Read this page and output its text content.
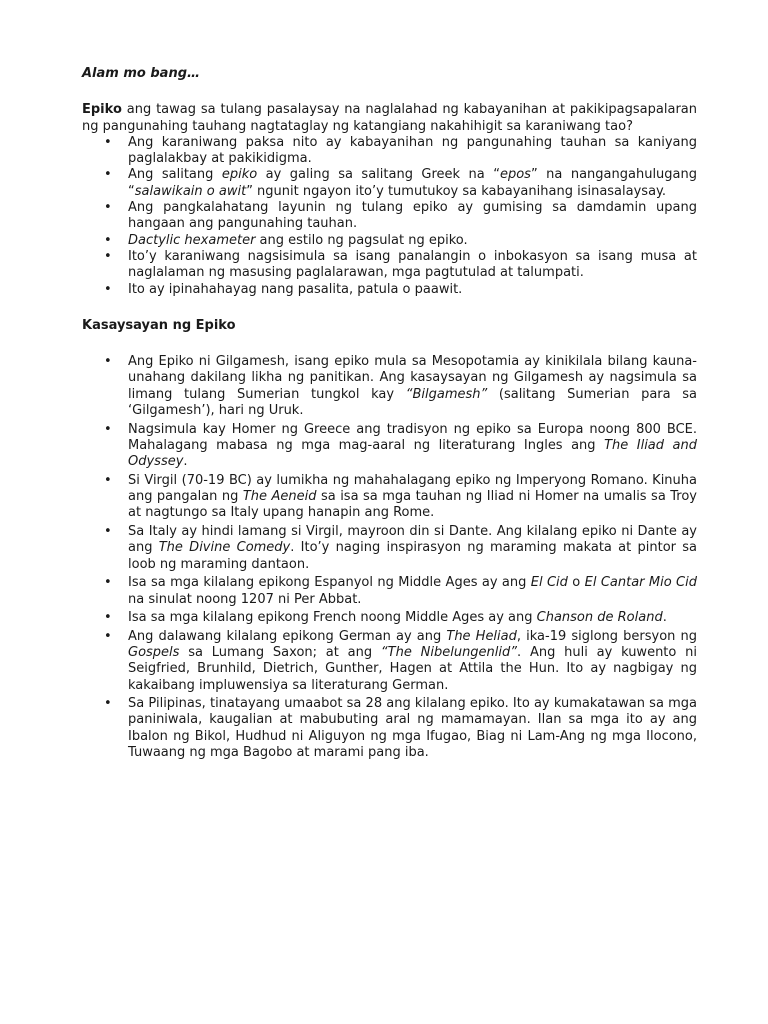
Alam mo bang…

Epiko ang tawag sa tulang pasalaysay na naglalahad ng kabayanihan at pakikipagsapalaran ng pangunahing tauhang nagtataglay ng katangiang nakahihigit sa karaniwang tao?

• Ang karaniwang paksa nito ay kabayanihan ng pangunahing tauhan sa kaniyang paglalakbay at pakikidigma.
• Ang salitang epiko ay galing sa salitang Greek na “epos” na nangangahulugang “salawikain o awit” ngunit ngayon ito’y tumutukoy sa kabayanihang isinasalaysay.
• Ang pangkalahatang layunin ng tulang epiko ay gumising sa damdamin upang hangaan ang pangunahing tauhan.
• Dactylic hexameter ang estilo ng pagsulat ng epiko.
• Ito’y karaniwang nagsisimula sa isang panalangin o inbokasyon sa isang musa at naglalaman ng masusing paglalarawan, mga pagtutulad at talumpati.
• Ito ay ipinahahayag nang pasalita, patula o paawit.

Kasaysayan ng Epiko

• Ang Epiko ni Gilgamesh, isang epiko mula sa Mesopotamia ay kinikilala bilang kauna-unahang dakilang likha ng panitikan. Ang kasaysayan ng Gilgamesh ay nagsimula sa limang tulang Sumerian tungkol kay “Bilgamesh” (salitang Sumerian para sa ‘Gilgamesh’), hari ng Uruk.
• Nagsimula kay Homer ng Greece ang tradisyon ng epiko sa Europa noong 800 BCE. Mahalagang mabasa ng mga mag-aaral ng literaturang Ingles ang The Iliad and Odyssey.
• Si Virgil (70-19 BC) ay lumikha ng mahahalagang epiko ng Imperyong Romano. Kinuha ang pangalan ng The Aeneid sa isa sa mga tauhan ng Iliad ni Homer na umalis sa Troy at nagtungo sa Italy upang hanapin ang Rome.
• Sa Italy ay hindi lamang si Virgil, mayroon din si Dante. Ang kilalang epiko ni Dante ay ang The Divine Comedy. Ito’y naging inspirasyon ng maraming makata at pintor sa loob ng maraming dantaon.
• Isa sa mga kilalang epikong Espanyol ng Middle Ages ay ang El Cid o El Cantar Mio Cid na sinulat noong 1207 ni Per Abbat.
• Isa sa mga kilalang epikong French noong Middle Ages ay ang Chanson de Roland.
• Ang dalawang kilalang epikong German ay ang The Heliad, ika-19 siglong bersyon ng Gospels sa Lumang Saxon; at ang “The Nibelungenlid”. Ang huli ay kuwento ni Seigfried, Brunhild, Dietrich, Gunther, Hagen at Attila the Hun. Ito ay nagbigay ng kakaibang impluwensiya sa literaturang German.
• Sa Pilipinas, tinatayang umaabot sa 28 ang kilalang epiko. Ito ay kumakatawan sa mga paniniwala, kaugalian at mabubuting aral ng mamamayan. Ilan sa mga ito ay ang Ibalon ng Bikol, Hudhud ni Aliguyon ng mga Ifugao, Biag ni Lam-Ang ng mga Ilocono, Tuwaang ng mga Bagobo at marami pang iba.
